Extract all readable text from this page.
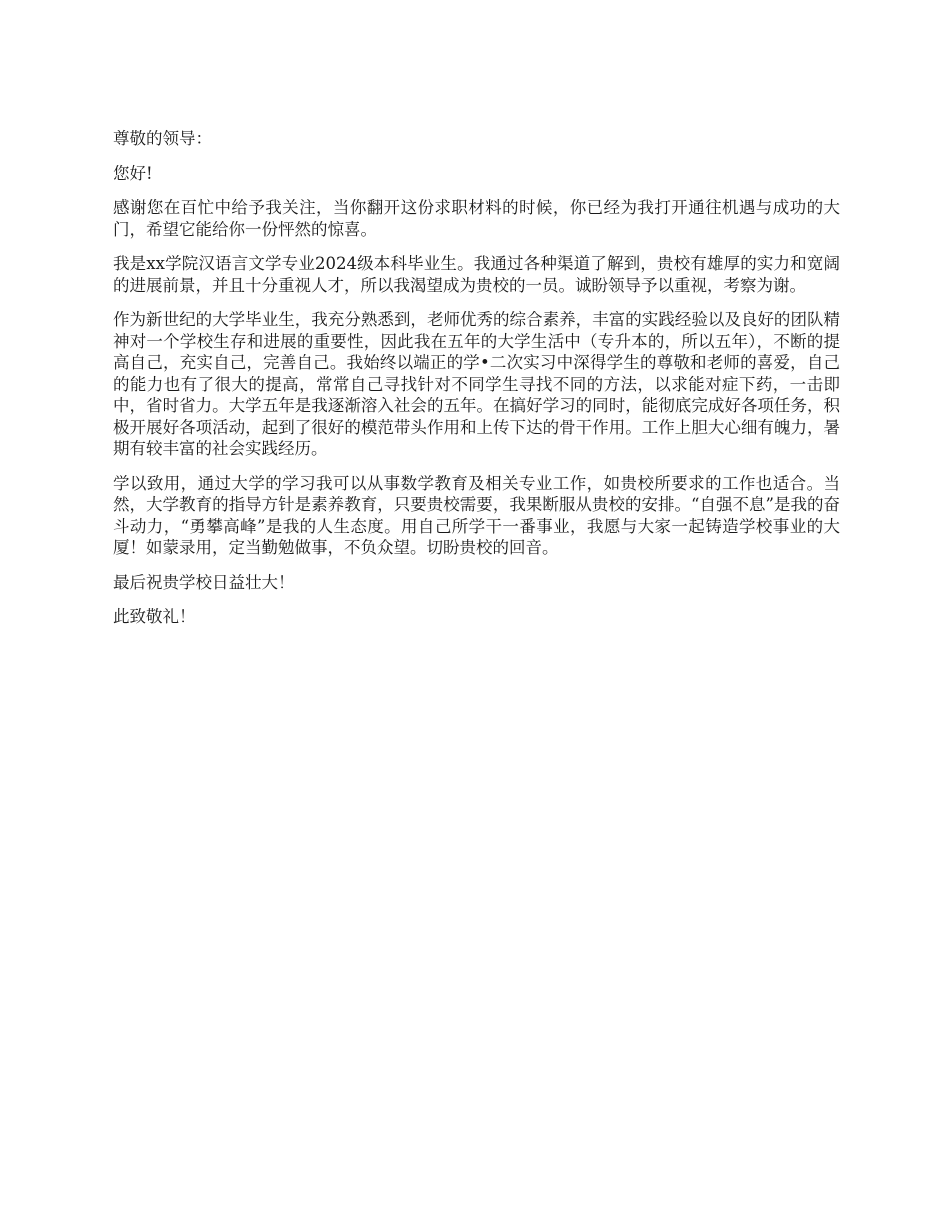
尊敬的领导：

您好!

感谢您在百忙中给予我关注，当你翻开这份求职材料的时候，你已经为我打开通往机遇与成功的大门，希望它能给你一份怦然的惊喜。

我是xx学院汉语言文学专业2024级本科毕业生。我通过各种渠道了解到，贵校有雄厚的实力和宽阔的进展前景，并且十分重视人才，所以我渴望成为贵校的一员。诚盼领导予以重视，考察为谢。

作为新世纪的大学毕业生，我充分熟悉到，老师优秀的综合素养，丰富的实践经验以及良好的团队精神对一个学校生存和进展的重要性，因此我在五年的大学生活中（专升本的，所以五年），不断的提高自己，充实自己，完善自己。我始终以端正的学•二次实习中深得学生的尊敬和老师的喜爱，自己的能力也有了很大的提高，常常自己寻找针对不同学生寻找不同的方法，以求能对症下药，一击即中，省时省力。大学五年是我逐渐溶入社会的五年。在搞好学习的同时，能彻底完成好各项任务，积极开展好各项活动，起到了很好的模范带头作用和上传下达的骨干作用。工作上胆大心细有魄力，暑期有较丰富的社会实践经历。

学以致用，通过大学的学习我可以从事数学教育及相关专业工作，如贵校所要求的工作也适合。当然，大学教育的指导方针是素养教育，只要贵校需要，我果断服从贵校的安排。“自强不息”是我的奋斗动力，“勇攀高峰”是我的人生态度。用自己所学干一番事业，我愿与大家一起铸造学校事业的大厦！如蒙录用，定当勤勉做事，不负众望。切盼贵校的回音。

最后祝贵学校日益壮大！

此致敬礼！
